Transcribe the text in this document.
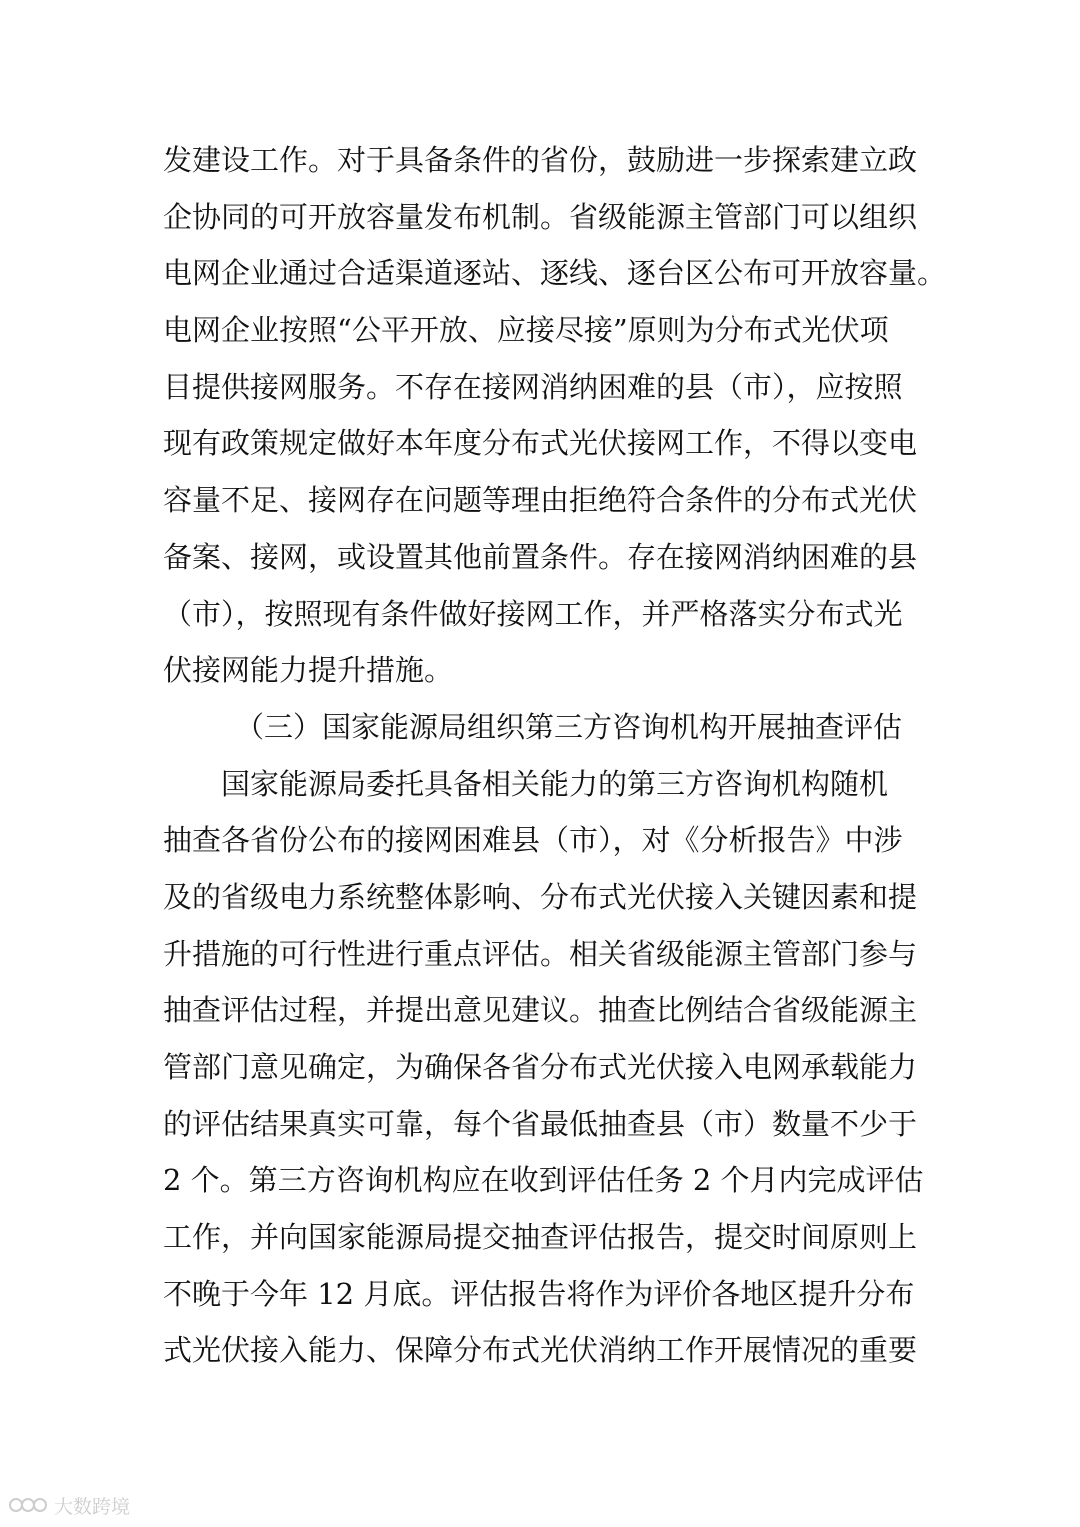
发建设工作。对于具备条件的省份，鼓励进一步探索建立政
企协同的可开放容量发布机制。省级能源主管部门可以组织
电网企业通过合适渠道逐站、逐线、逐台区公布可开放容量。
电网企业按照“公平开放、应接尽接”原则为分布式光伏项
目提供接网服务。不存在接网消纳困难的县（市），应按照
现有政策规定做好本年度分布式光伏接网工作，不得以变电
容量不足、接网存在问题等理由拒绝符合条件的分布式光伏
备案、接网，或设置其他前置条件。存在接网消纳困难的县
（市），按照现有条件做好接网工作，并严格落实分布式光
伏接网能力提升措施。
（三）国家能源局组织第三方咨询机构开展抽查评估
国家能源局委托具备相关能力的第三方咨询机构随机
抽查各省份公布的接网困难县（市），对《分析报告》中涉
及的省级电力系统整体影响、分布式光伏接入关键因素和提
升措施的可行性进行重点评估。相关省级能源主管部门参与
抽查评估过程，并提出意见建议。抽查比例结合省级能源主
管部门意见确定，为确保各省分布式光伏接入电网承载能力
的评估结果真实可靠，每个省最低抽查县（市）数量不少于
2 个。第三方咨询机构应在收到评估任务 2 个月内完成评估
工作，并向国家能源局提交抽查评估报告，提交时间原则上
不晚于今年 12 月底。评估报告将作为评价各地区提升分布
式光伏接入能力、保障分布式光伏消纳工作开展情况的重要
大数跨境
